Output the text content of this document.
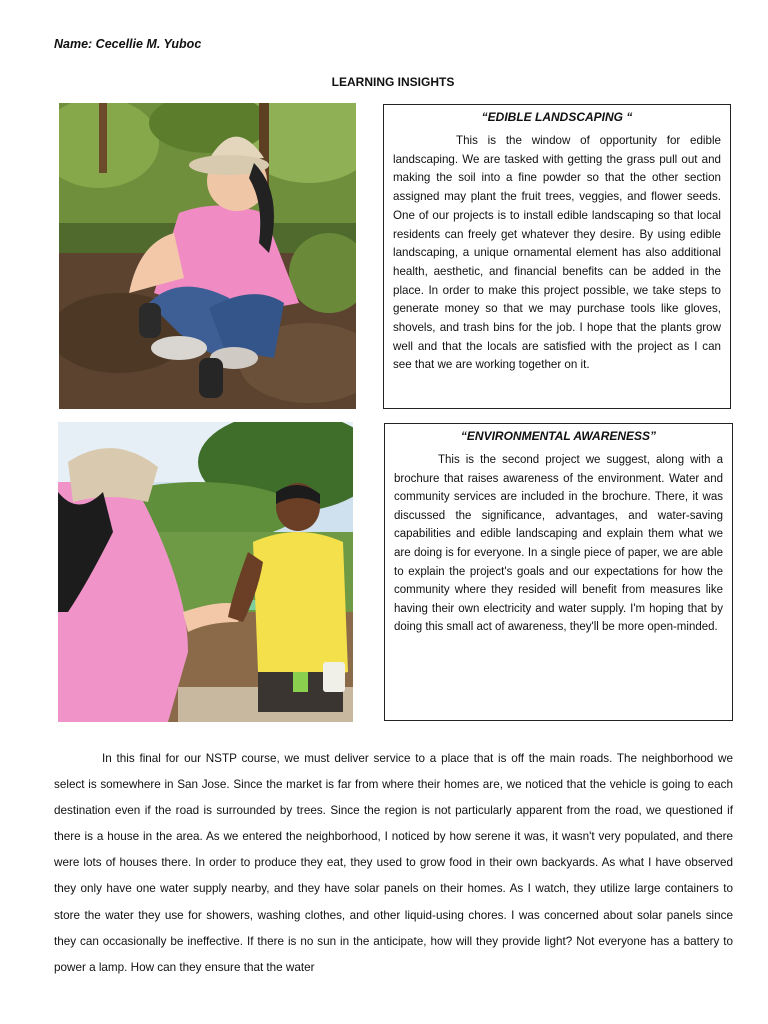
Name: Cecellie M. Yuboc
LEARNING INSIGHTS
“EDIBLE LANDSCAPING “

This is the window of opportunity for edible landscaping. We are tasked with getting the grass pull out and making the soil into a fine powder so that the other section assigned may plant the fruit trees, veggies, and flower seeds. One of our projects is to install edible landscaping so that local residents can freely get whatever they desire. By using edible landscaping, a unique ornamental element has also additional health, aesthetic, and financial benefits can be added in the place. In order to make this project possible, we take steps to generate money so that we may purchase tools like gloves, shovels, and trash bins for the job. I hope that the plants grow well and that the locals are satisfied with the project as I can see that we are working together on it.

“ENVIRONMENTAL AWARENESS”

This is the second project we suggest, along with a brochure that raises awareness of the environment. Water and community services are included in the brochure. There, it was discussed the significance, advantages, and water-saving capabilities and edible landscaping and explain them what we are doing is for everyone. In a single piece of paper, we are able to explain the project's goals and our expectations for how the community where they resided will benefit from measures like having their own electricity and water supply. I'm hoping that by doing this small act of awareness, they'll be more open-minded.

In this final for our NSTP course, we must deliver service to a place that is off the main roads. The neighborhood we select is somewhere in San Jose. Since the market is far from where their homes are, we noticed that the vehicle is going to each destination even if the road is surrounded by trees. Since the region is not particularly apparent from the road, we questioned if there is a house in the area. As we entered the neighborhood, I noticed by how serene it was, it wasn't very populated, and there were lots of houses there. In order to produce they eat, they used to grow food in their own backyards. As what I have observed they only have one water supply nearby, and they have solar panels on their homes. As I watch, they utilize large containers to store the water they use for showers, washing clothes, and other liquid-using chores. I was concerned about solar panels since they can occasionally be ineffective. If there is no sun in the anticipate, how will they provide light? Not everyone has a battery to power a lamp. How can they ensure that the water
